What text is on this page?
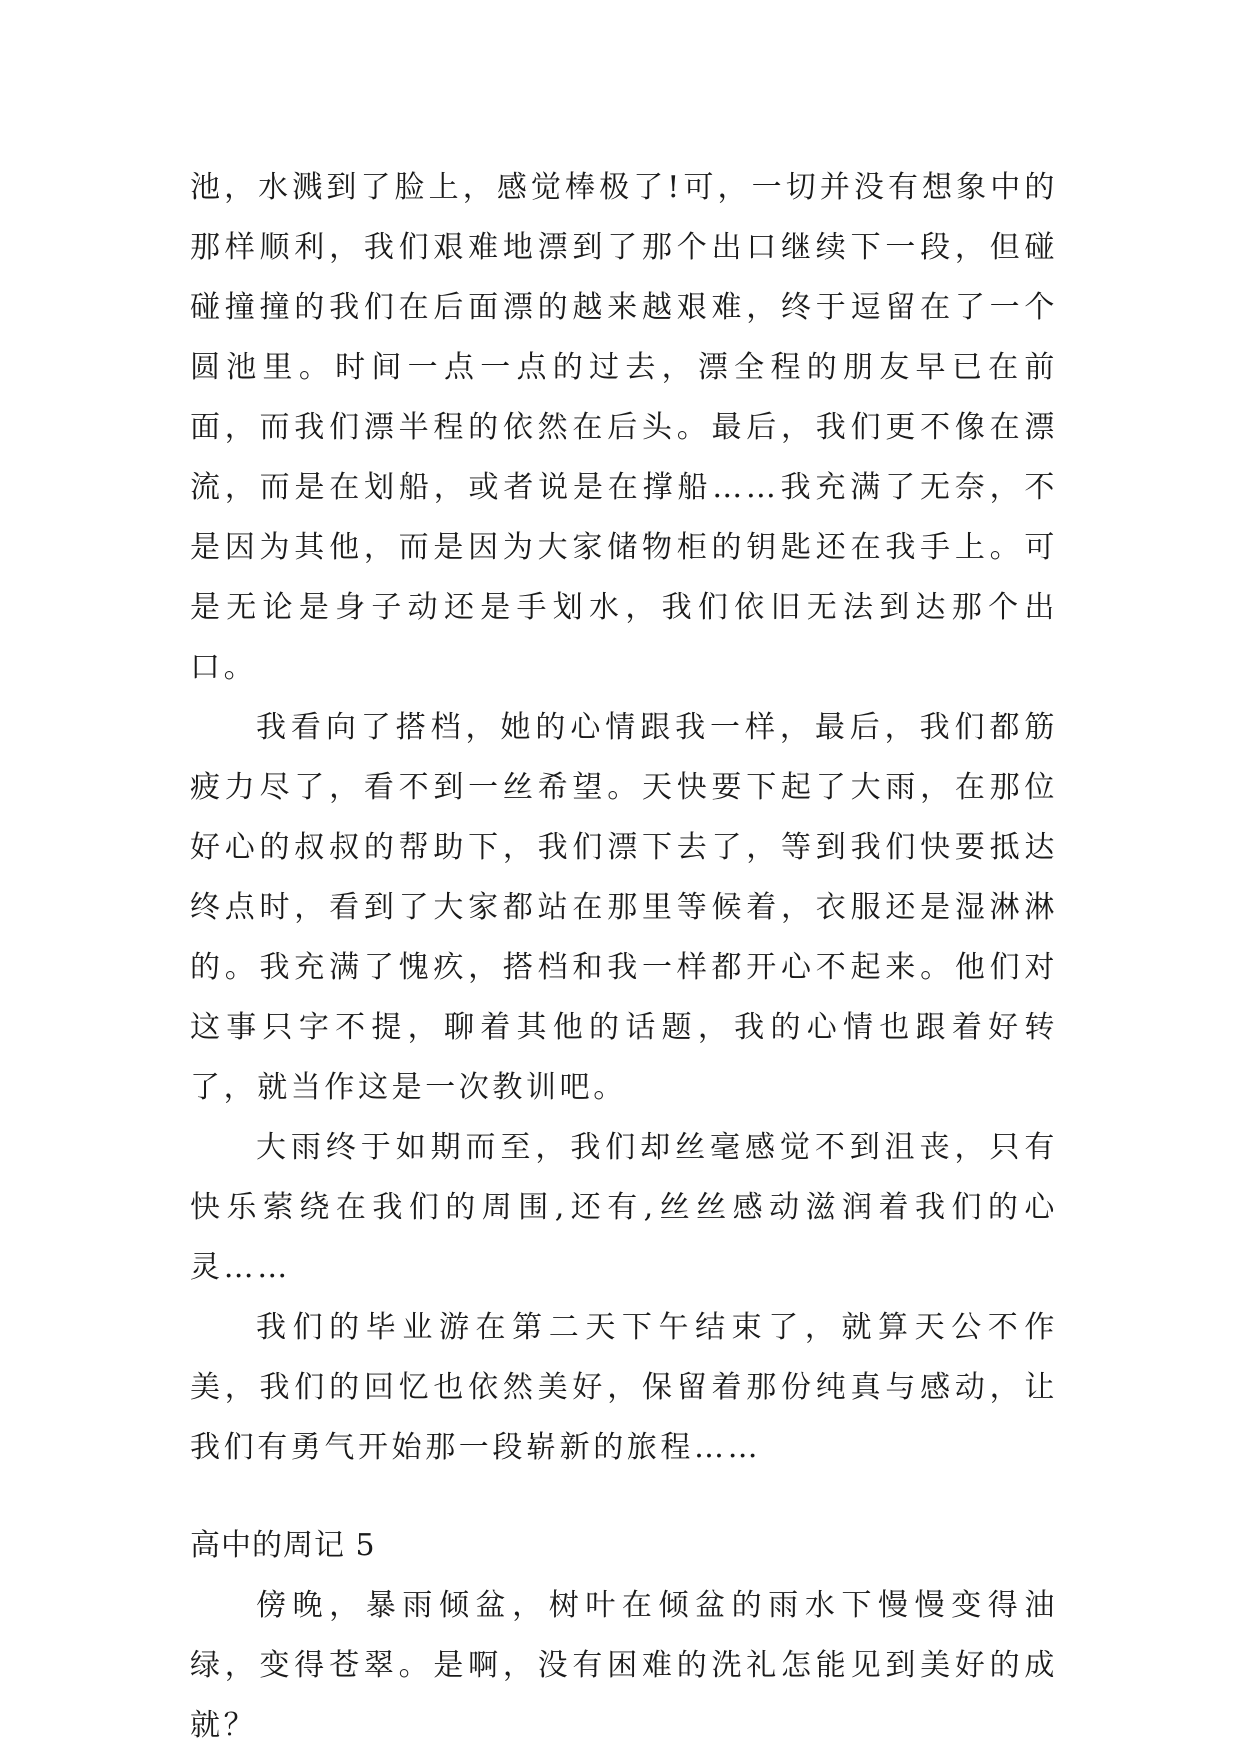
池，水溅到了脸上，感觉棒极了!可，一切并没有想象中的那样顺利，我们艰难地漂到了那个出口继续下一段，但碰碰撞撞的我们在后面漂的越来越艰难，终于逗留在了一个圆池里。时间一点一点的过去，漂全程的朋友早已在前面，而我们漂半程的依然在后头。最后，我们更不像在漂流，而是在划船，或者说是在撑船……我充满了无奈，不是因为其他，而是因为大家储物柜的钥匙还在我手上。可是无论是身子动还是手划水，我们依旧无法到达那个出口。

我看向了搭档，她的心情跟我一样，最后，我们都筋疲力尽了，看不到一丝希望。天快要下起了大雨，在那位好心的叔叔的帮助下，我们漂下去了，等到我们快要抵达终点时，看到了大家都站在那里等候着，衣服还是湿淋淋的。我充满了愧疚，搭档和我一样都开心不起来。他们对这事只字不提，聊着其他的话题，我的心情也跟着好转了，就当作这是一次教训吧。

大雨终于如期而至，我们却丝毫感觉不到沮丧，只有快乐萦绕在我们的周围,还有,丝丝感动滋润着我们的心灵……

我们的毕业游在第二天下午结束了，就算天公不作美，我们的回忆也依然美好，保留着那份纯真与感动，让我们有勇气开始那一段崭新的旅程……

高中的周记 5

傍晚，暴雨倾盆，树叶在倾盆的雨水下慢慢变得油绿，变得苍翠。是啊，没有困难的洗礼怎能见到美好的成就？
